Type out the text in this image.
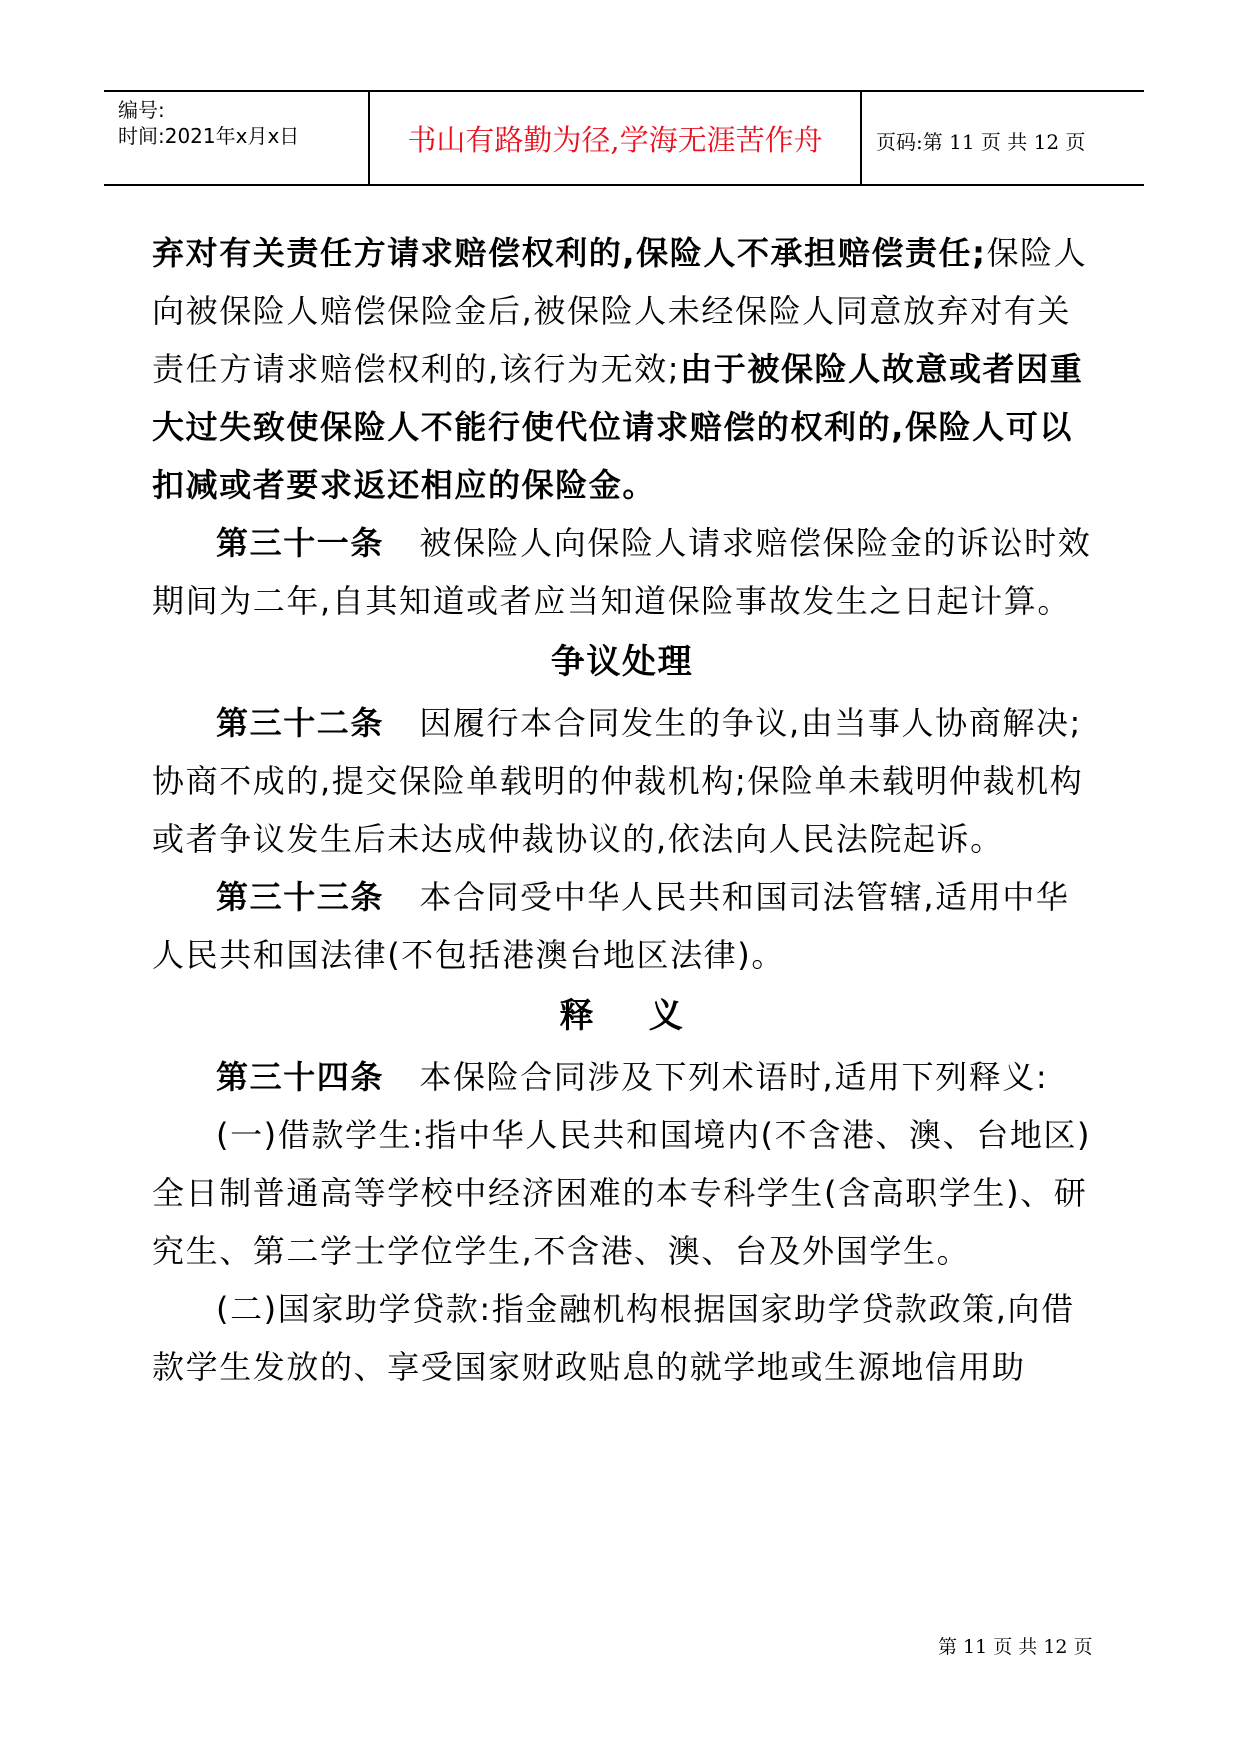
编号:
时间:2021年x月x日	书山有路勤为径,学海无涯苦作舟	页码:第 11 页 共 12 页

弃对有关责任方请求赔偿权利的,保险人不承担赔偿责任;保险人向被保险人赔偿保险金后,被保险人未经保险人同意放弃对有关责任方请求赔偿权利的,该行为无效;由于被保险人故意或者因重大过失致使保险人不能行使代位请求赔偿的权利的,保险人可以扣减或者要求返还相应的保险金。

第三十一条 被保险人向保险人请求赔偿保险金的诉讼时效期间为二年,自其知道或者应当知道保险事故发生之日起计算。

争议处理

第三十二条 因履行本合同发生的争议,由当事人协商解决;协商不成的,提交保险单载明的仲裁机构;保险单未载明仲裁机构或者争议发生后未达成仲裁协议的,依法向人民法院起诉。

第三十三条 本合同受中华人民共和国司法管辖,适用中华人民共和国法律(不包括港澳台地区法律)。

释    义

第三十四条 本保险合同涉及下列术语时,适用下列释义:

(一)借款学生:指中华人民共和国境内(不含港、澳、台地区)全日制普通高等学校中经济困难的本专科学生(含高职学生)、研究生、第二学士学位学生,不含港、澳、台及外国学生。

(二)国家助学贷款:指金融机构根据国家助学贷款政策,向借款学生发放的、享受国家财政贴息的就学地或生源地信用助

第 11 页 共 12 页
